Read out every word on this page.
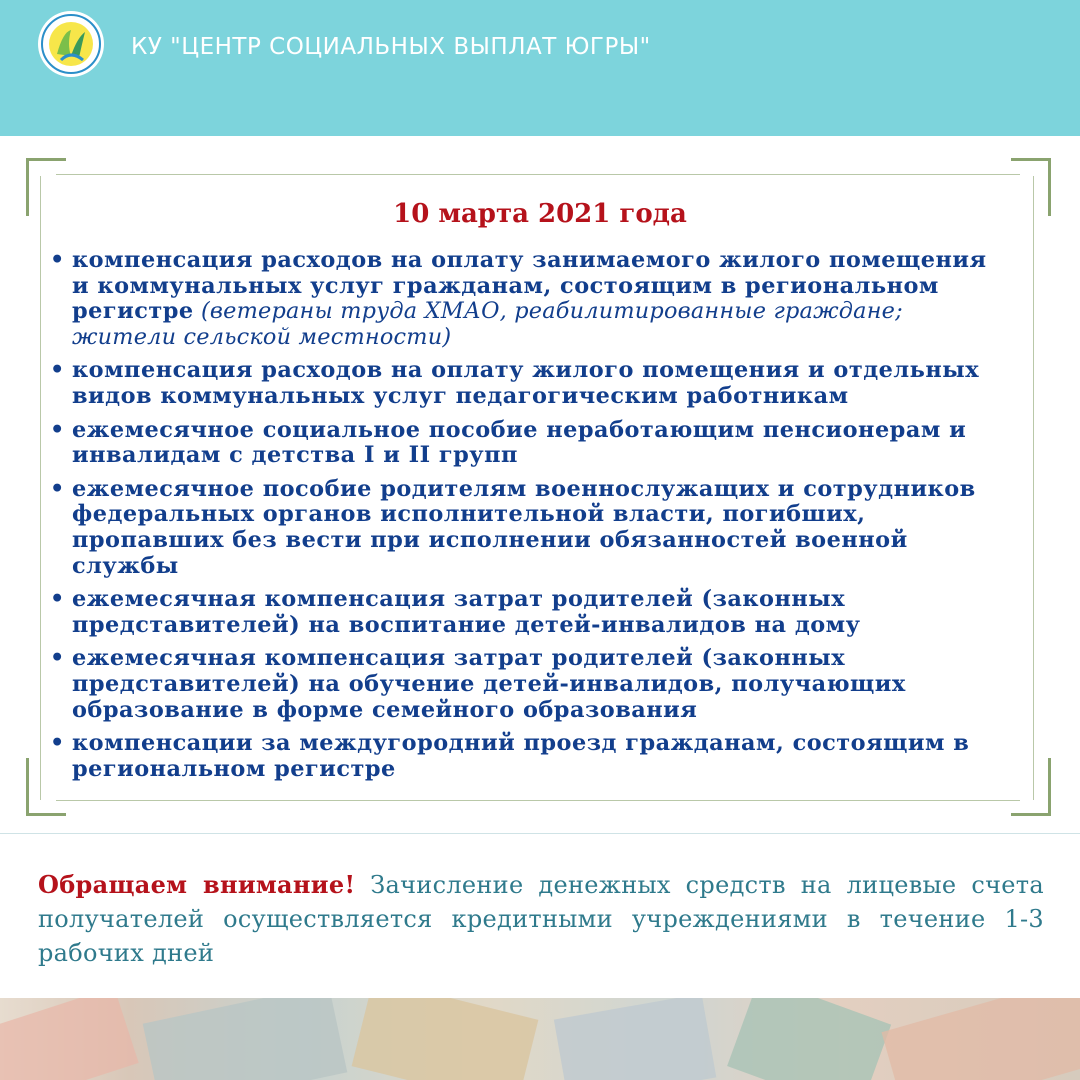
КУ "ЦЕНТР СОЦИАЛЬНЫХ ВЫПЛАТ ЮГРЫ"
10 марта 2021 года
• компенсация расходов на оплату занимаемого жилого помещения
и коммунальных услуг гражданам, состоящим в региональном
регистре (ветераны труда ХМАО, реабилитированные граждане;
жители сельской местности)
• компенсация расходов на оплату жилого помещения и отдельных
видов коммунальных услуг педагогическим работникам
• ежемесячное социальное пособие неработающим пенсионерам и
инвалидам с детства I и II групп
• ежемесячное пособие родителям военнослужащих и сотрудников
федеральных органов исполнительной власти, погибших,
пропавших без вести при исполнении обязанностей военной
службы
• ежемесячная компенсация затрат родителей (законных
представителей) на воспитание детей-инвалидов на дому
• ежемесячная компенсация затрат родителей (законных
представителей) на обучение детей-инвалидов, получающих
образование в форме семейного образования
• компенсации за междугородний проезд гражданам, состоящим в
региональном регистре
Обращаем внимание! Зачисление денежных средств на лицевые счета получателей осуществляется кредитными учреждениями в течение 1-3 рабочих дней
